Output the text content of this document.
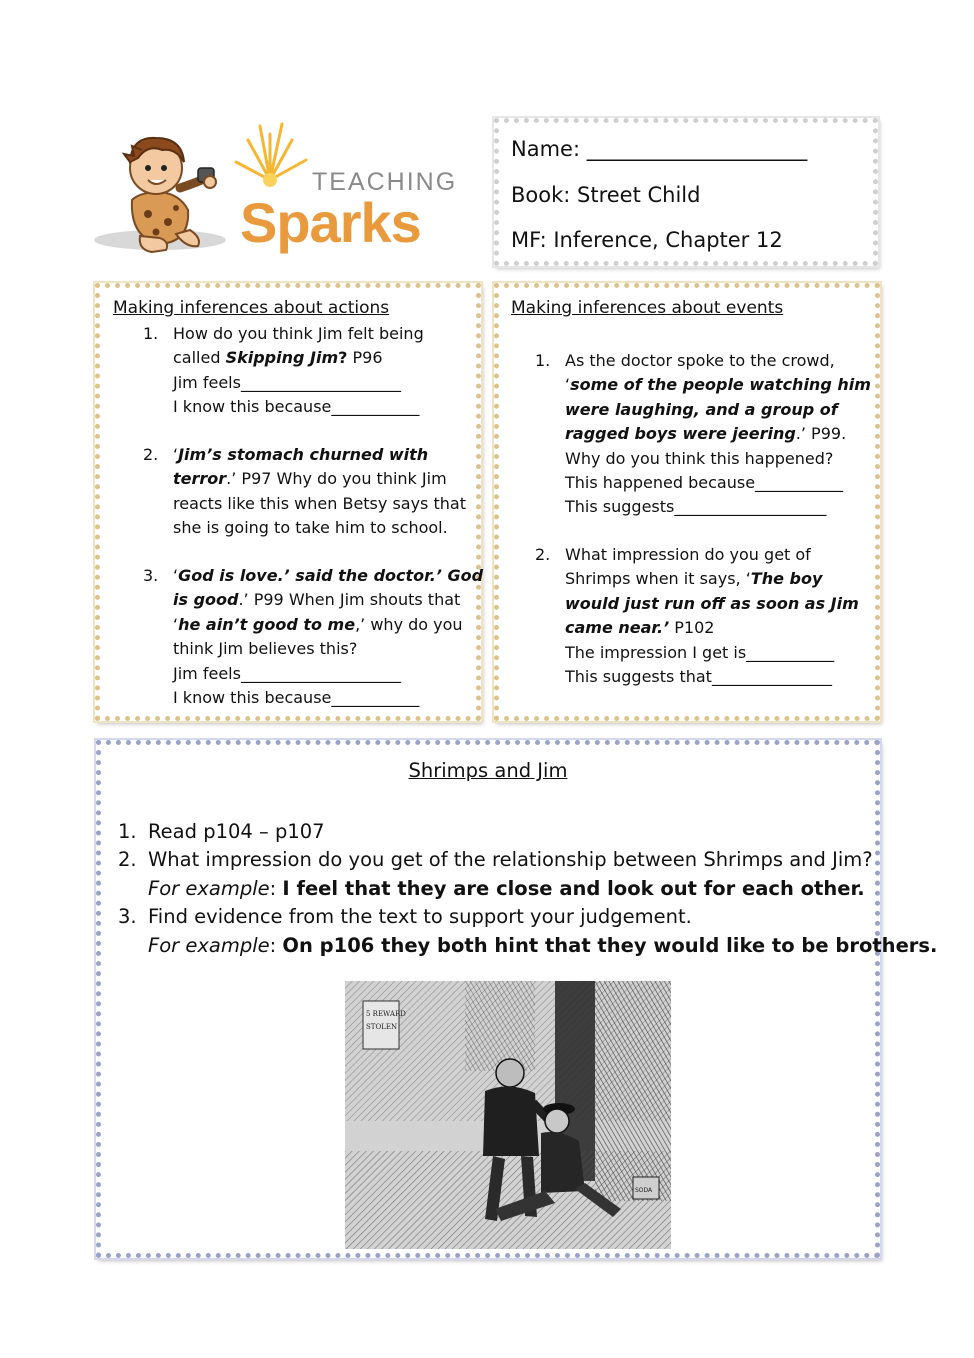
TEACHING
Sparks
Name: _____________________
Book: Street Child
MF: Inference, Chapter 12
Making inferences about actions
1. How do you think Jim felt being
called Skipping Jim? P96
Jim feels____________________
I know this because___________
2. ‘Jim’s stomach churned with
terror.’ P97 Why do you think Jim
reacts like this when Betsy says that
she is going to take him to school.
3. ‘God is love.’ said the doctor.’ God
is good.’ P99 When Jim shouts that
‘he ain’t good to me,’ why do you
think Jim believes this?
Jim feels____________________
I know this because___________
Making inferences about events
1. As the doctor spoke to the crowd,
‘some of the people watching him
were laughing, and a group of
ragged boys were jeering.’ P99.
Why do you think this happened?
This happened because___________
This suggests___________________
2. What impression do you get of
Shrimps when it says, ‘The boy
would just run off as soon as Jim
came near.’ P102
The impression I get is___________
This suggests that_______________
Shrimps and Jim
1. Read p104 – p107
2. What impression do you get of the relationship between Shrimps and Jim?
For example: I feel that they are close and look out for each other.
3. Find evidence from the text to support your judgement.
For example: On p106 they both hint that they would like to be brothers.
5 REWARD
STOLEN
SODA
